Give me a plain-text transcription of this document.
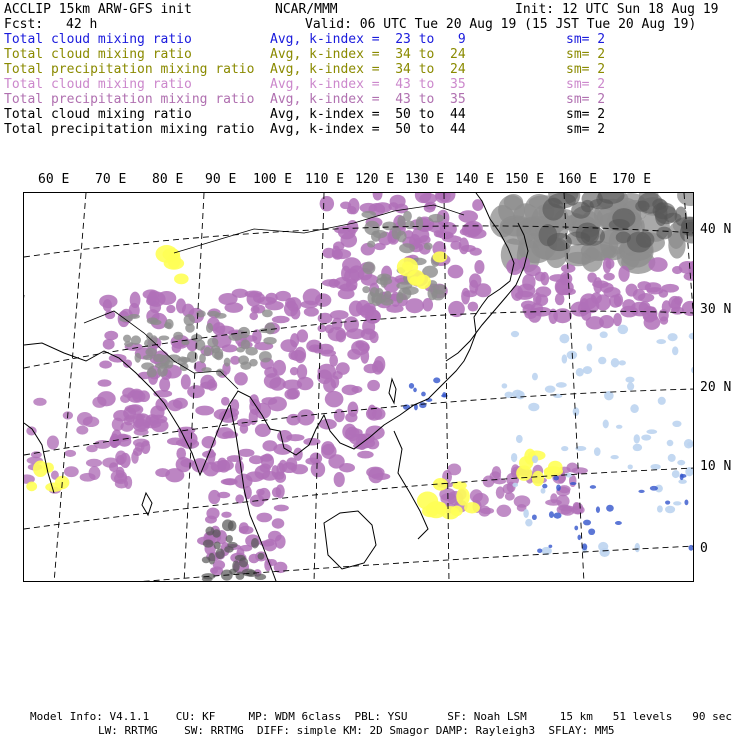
ACCLIP 15km ARW-GFS init	NCAR/MMM	Init: 12 UTC Sun 18 Aug 19
Fcst: 42 h	Valid: 06 UTC Tue 20 Aug 19 (15 JST Tue 20 Aug 19)
Total cloud mixing ratio	Avg, k-index =  23 to   9	sm= 2
Total cloud mixing ratio	Avg, k-index =  34 to  24	sm= 2
Total precipitation mixing ratio Avg, k-index =  34 to  24	sm= 2
Total cloud mixing ratio	Avg, k-index =  43 to  35	sm= 2
Total precipitation mixing ratio Avg, k-index =  43 to  35	sm= 2
Total cloud mixing ratio	Avg, k-index =  50 to  44	sm= 2
Total precipitation mixing ratio Avg, k-index =  50 to  44	sm= 2
60 E 70 E 80 E 90 E 100 E 110 E 120 E 130 E 140 E 150 E 160 E 170 E
40 N
30 N
20 N
10 N
0
Model Info: V4.1.1    CU: KF     MP: WDM 6class  PBL: YSU      SF: Noah LSM     15 km   51 levels   90 sec
LW: RRTMG    SW: RRTMG  DIFF: simple KM: 2D Smagor DAMP: Rayleigh3  SFLAY: MM5
